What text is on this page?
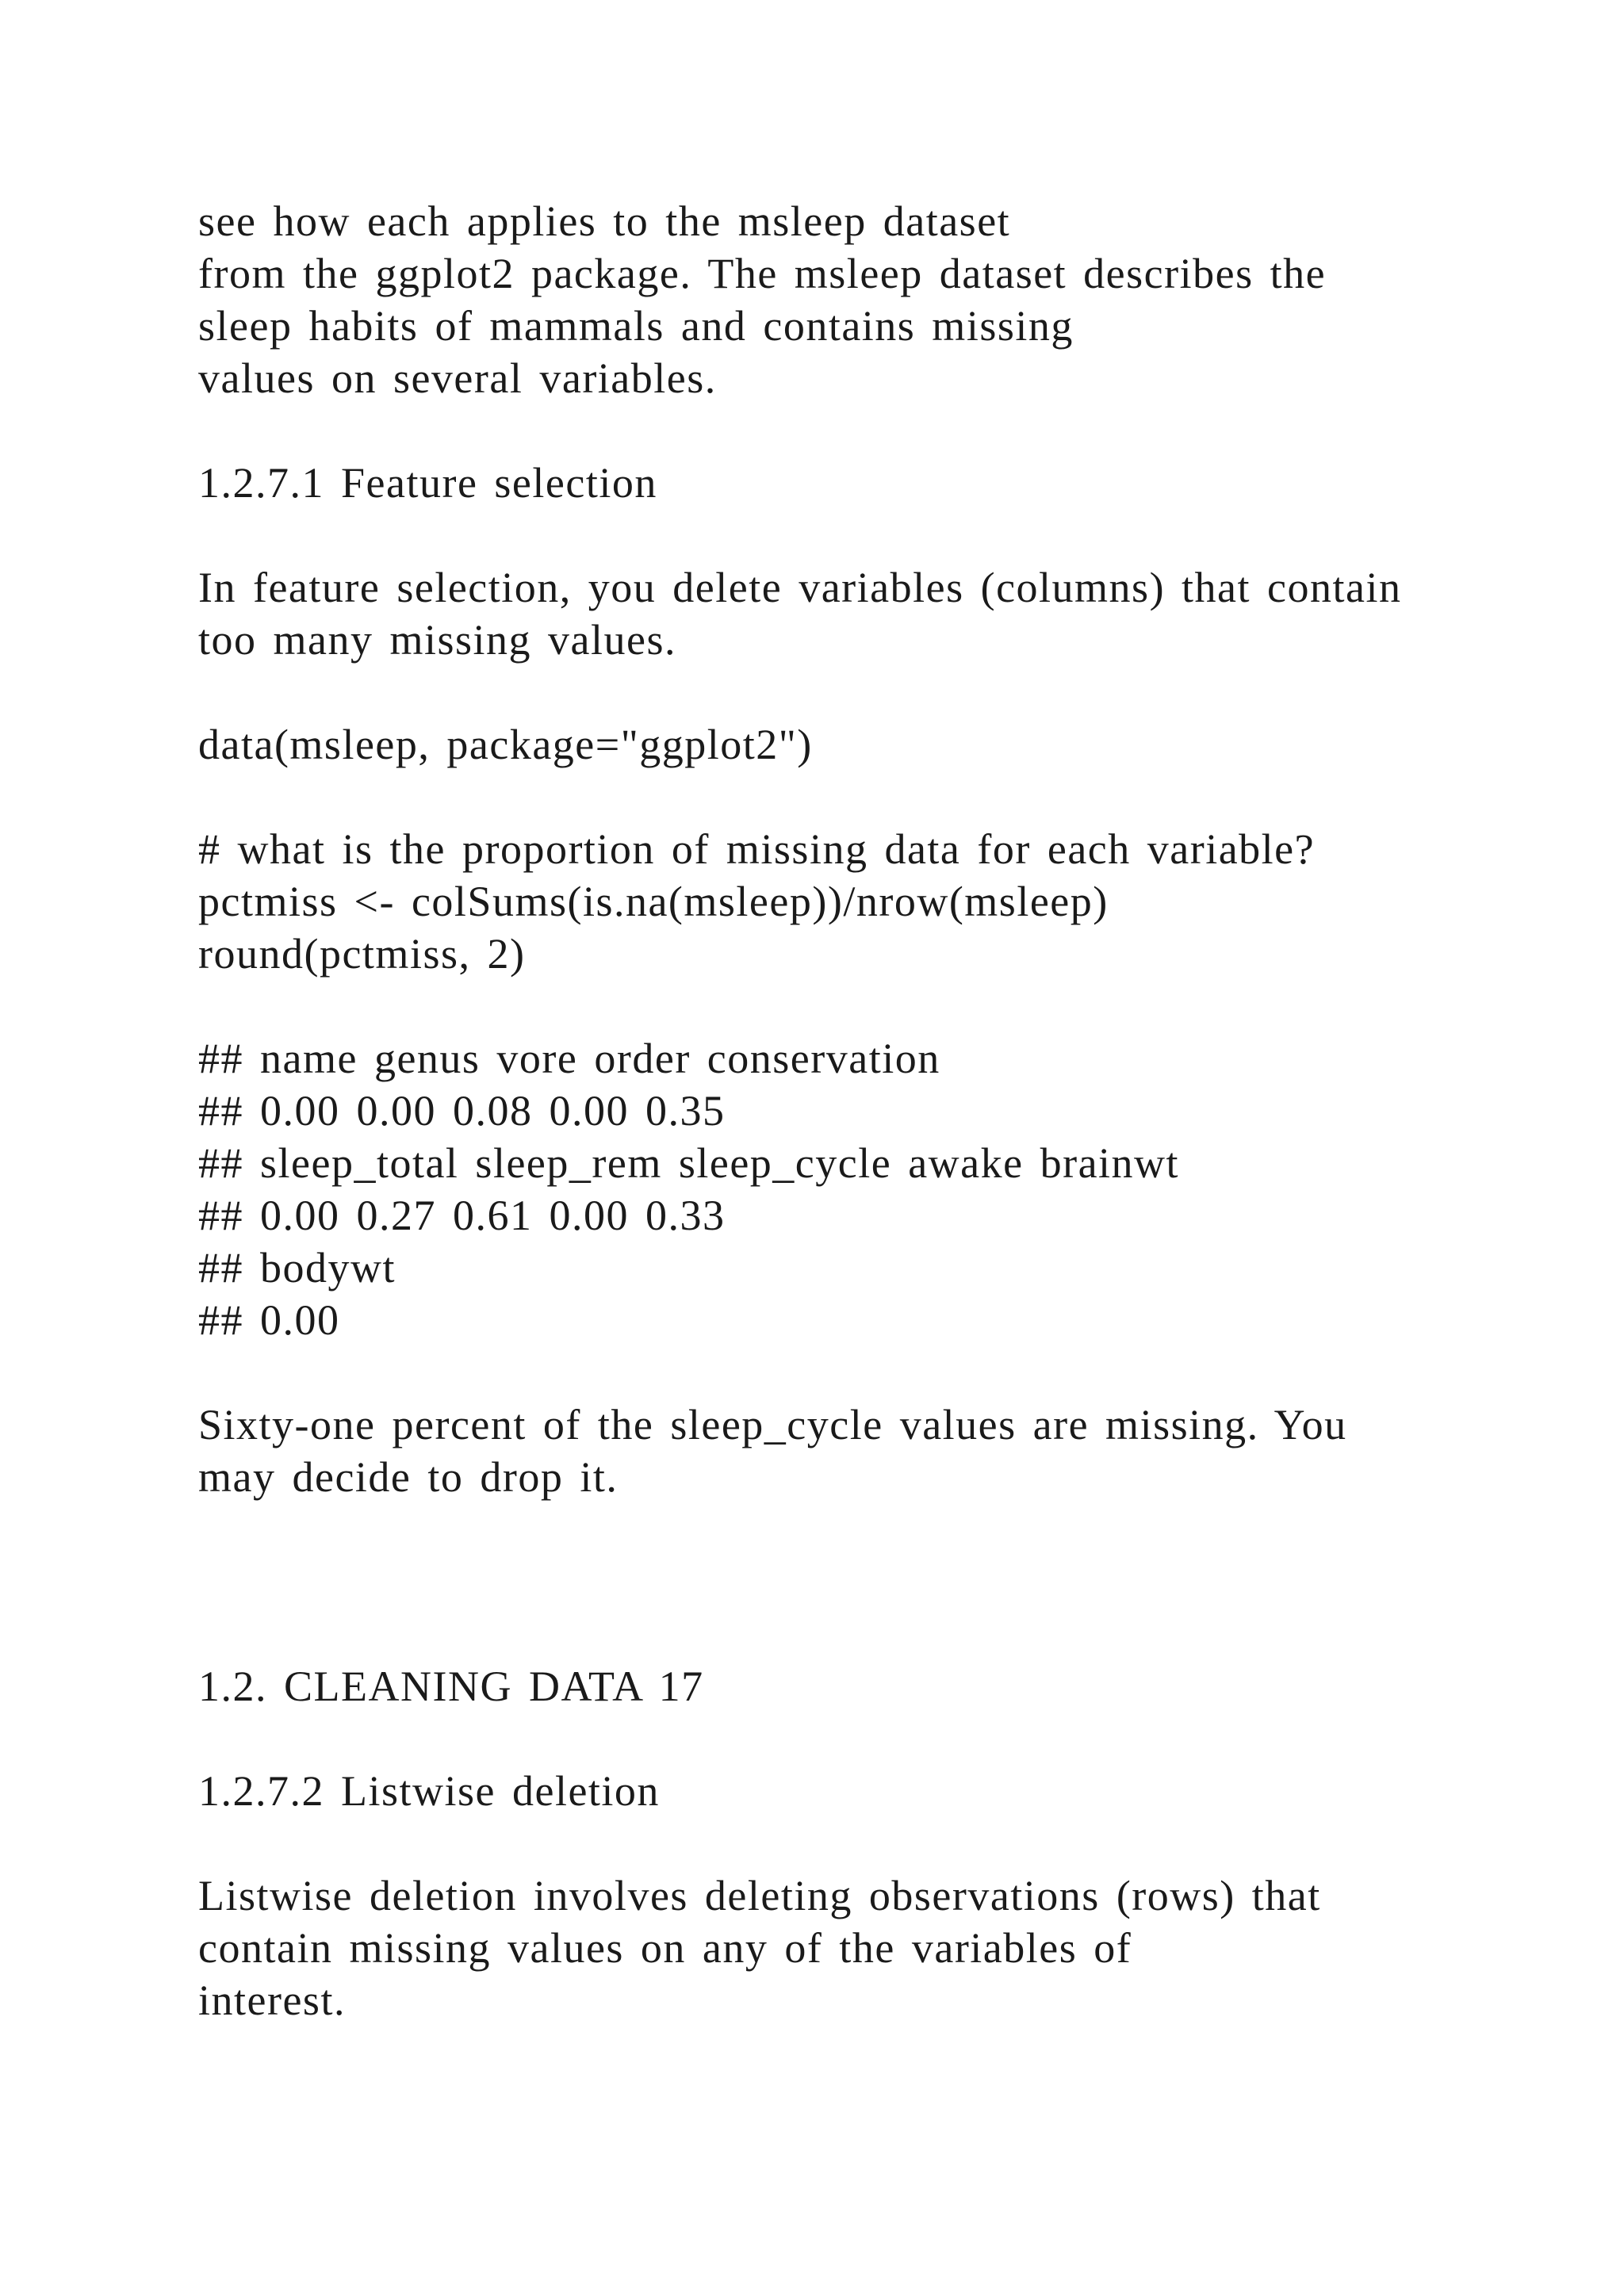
see how each applies to the msleep dataset

from the ggplot2 package. The msleep dataset describes the

sleep habits of mammals and contains missing

values on several variables.

1.2.7.1 Feature selection

In feature selection, you delete variables (columns) that contain

too many missing values.

data(msleep, package="ggplot2")

# what is the proportion of missing data for each variable?

pctmiss <- colSums(is.na(msleep))/nrow(msleep)

round(pctmiss, 2)

## name genus vore order conservation

## 0.00 0.00 0.08 0.00 0.35

## sleep_total sleep_rem sleep_cycle awake brainwt

## 0.00 0.27 0.61 0.00 0.33

## bodywt

## 0.00

Sixty-one percent of the sleep_cycle values are missing. You

may decide to drop it.

1.2. CLEANING DATA 17

1.2.7.2 Listwise deletion

Listwise deletion involves deleting observations (rows) that

contain missing values on any of the variables of

interest.
